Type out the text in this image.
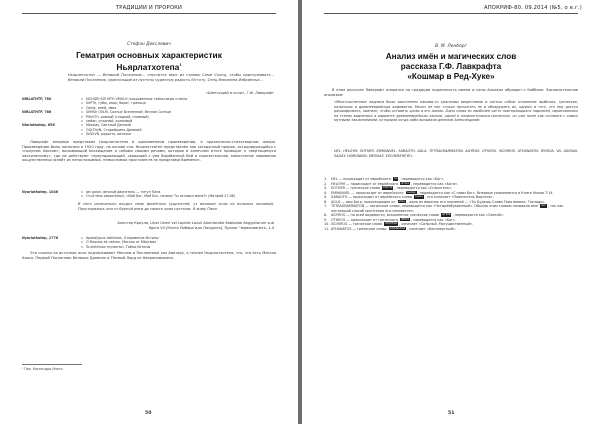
ТРАДИЦИИ И ПРОРОКИ
Стефан Декслевич
Гематрия основных характеристик
Ньярлатхотепа$^1$
Ньярлатхотеп — Великий Посланник... спустится вниз из страны Семи Солнц, чтобы прислуживать... Великий Посланник, приносящий из пустоты чудесную радость Югготу, Отец Миллиона Избранных...
«Шепчущий в ночи», Г.Ф. Лавкрафт
NIRLATHTP, 780	= MCHQRI RZI MTH VMOLH (сокровенные тайны веры и мела
= ShPTh, губы, язык; берег, граница
= OphIs, змей, змея
NIRLATHTP, 786	= ShMSh OVLM, Солнце Вселенной; Вечное Солнце
= PShVTh, ровный (гладкий, плавный)
= sattan, угодный, красивый
Niarlathotep, 656	= Messias, Светлый Денный
= OQLThVN, Старейшина Древний
= ShShVN, радость, веселье
Лавкрафт впервые представил Ньярлатхотепа в одноимённом произведении, в прозаически-стихотворном жанре. Произведение было написано в 1920 году, на основе сна. Ньярлатхотеп представлен как загадочный пророк, ассоциирующийся с «полуним Хаосом», вызывающий восхищение и собами своими речами, которые в конечном итоге приводят к «вертящемуся хаотическому», где не действуют «преуздывающий, сводящий с ума барабанный бой и пронзительное, монотонное завывание кощунственных флейт из непостижимых, немыслимых пространств за пределами Времени».
Nyarlathotep, 1046	= aei polon, вечный двигатель — титул Пана
= Oi oll leiss sabachthani, «Мой Бог, Мой Бог, почему Ты оставил меня?» (Матфей 27:46)
В него изначально входит семь флейтных сущностей, уз великие ослы из вольных желаний. Простирались они от бурной реки до самого края пустыни. Я живу Пана.
Алистер Кроули, Liber Liberi vel Lapidis Lazuli Adumbratio Kabbalae Aegyptiorum sub figura VII [Книга Либера или Лазурита], Пролог Червоновного, 1-4
Nyarlathotep, 1776	= Apokalypsis aletheias, Откровение Истины
= O Messias ek nekron, Мессия от Мёртвых
= To alethinon mysterion, Тайна Истины
Эти ссылки на источник ясно подчёркивают Мессию и Посланника как Аватару, а точнее Ньярлатхотепа, что, что есть Мессия Хаоса, Первый Посланник Великих Древних и Тёмный Лорд из Некрономикона.
¹ Пер. Кассандры Инато.
50
АПОКРИФ-80. 09.2014 (№5, о е.г.)
В. М. Ленберг
Анализ имён и магических слов
рассказа Г.Ф. Лавкрафта
«Кошмар в Ред-Хуке»
В этом рассказе Лавкрафт опирался на традиции подлинность имени и силы Альхазы обращен к Каббале. Заключительное анализом:
«Многочисленные надписи были выполнены какими-то красными веществами и частью собою сочинение арабских, греческих, латинских и древнееврейских алфавитов. Молоч не мог только прочитать но и обнаружить их, однако и того, что ему доступ расшифровать, хватило, чтобы оставить кровь в его жилах. Одно слова из наиболее часто повторяющихся надписей, нарисованных на стенах виднелись в варианте древнееврейских языков, одной в эллинистически-греческом, но уже ныне как основате с самых мутными заклинаниями, которыми когда-либо вызывали демонов Александрийс
HEL. HELOYM. SOTHER. EMMANVEL. SABAOTH. AGLA. TETRAGRAMMATON. AGYROS. OTHEOS. ISCHIROS. ATHANATOS. IEHOVA. VA. ADONAI. SADAY. HOMONION. MESSIAS. ESCHEREHEYE».
1.	HEL — происходит от еврейского אל , переводится как «Бог».
2.	HELOYM — происходит от еврейского אלהים , переводится как «Боги».
3.	SOTHER — греческое слово ΣΩΤΗΡ , переводится как «Спаситель».
4.	EMMANVEL — происходит от еврейского עמנואל , переводится как «С нами Бог». Впервые упоминается в Книге Исаии 7:14.
5.	SABAOTH — происходит от еврейского слова צבאות , что означает «Повелитель Воинств».
6.	AGLA — имя Бога, происходящее от אגלא , одно из верхних его значений — «Ты Будешь Слава Твоя вовеки, Господь».
7.	TETRAGRAMMATON — латинское слово, переводится как «Четырёхбуквенный». Обычно этим словом называли имя יהוה , так как настоящий способ прочтения его неизвестен.
8.	AGYROS — по всей видимости, искажённое греческое слово ΑΓΙΟΣ , переводится как «Святой».
9.	OTHEOS — происходит от греческого ΘΕΟΣ , переводится как «Бог».
10. ISCHIROS — греческое слово ΙΣΧΥΡΟΣ , означает «Сильный, Могущественный».
11. ATHANATOS — греческое слово ΑΘΑΝΑΤΟΣ , означает «Бессмертный».
51
